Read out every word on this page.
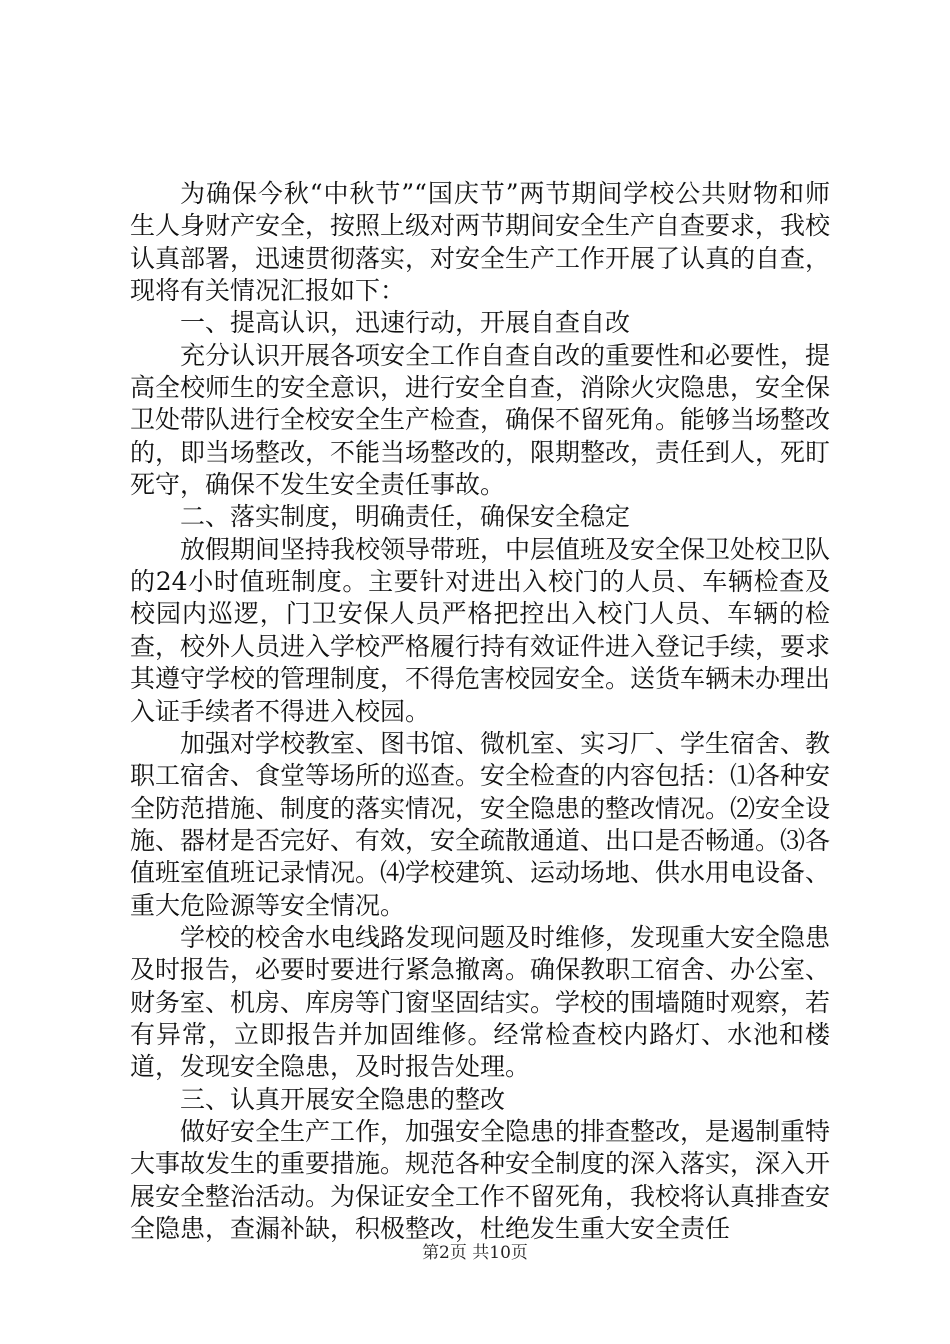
为确保今秋“中秋节”“国庆节”两节期间学校公共财物和师生人身财产安全，按照上级对两节期间安全生产自查要求，我校认真部署，迅速贯彻落实，对安全生产工作开展了认真的自查，现将有关情况汇报如下：

一、提高认识，迅速行动，开展自查自改

充分认识开展各项安全工作自查自改的重要性和必要性，提高全校师生的安全意识，进行安全自查，消除火灾隐患，安全保卫处带队进行全校安全生产检查，确保不留死角。能够当场整改的，即当场整改，不能当场整改的，限期整改，责任到人，死盯死守，确保不发生安全责任事故。

二、落实制度，明确责任，确保安全稳定

放假期间坚持我校领导带班，中层值班及安全保卫处校卫队的24小时值班制度。主要针对进出入校门的人员、车辆检查及校园内巡逻，门卫安保人员严格把控出入校门人员、车辆的检查，校外人员进入学校严格履行持有效证件进入登记手续，要求其遵守学校的管理制度，不得危害校园安全。送货车辆未办理出入证手续者不得进入校园。

加强对学校教室、图书馆、微机室、实习厂、学生宿舍、教职工宿舍、食堂等场所的巡查。安全检查的内容包括：⑴各种安全防范措施、制度的落实情况，安全隐患的整改情况。⑵安全设施、器材是否完好、有效，安全疏散通道、出口是否畅通。⑶各值班室值班记录情况。⑷学校建筑、运动场地、供水用电设备、重大危险源等安全情况。

学校的校舍水电线路发现问题及时维修，发现重大安全隐患及时报告，必要时要进行紧急撤离。确保教职工宿舍、办公室、财务室、机房、库房等门窗坚固结实。学校的围墙随时观察，若有异常，立即报告并加固维修。经常检查校内路灯、水池和楼道，发现安全隐患，及时报告处理。

三、认真开展安全隐患的整改

做好安全生产工作，加强安全隐患的排查整改，是遏制重特大事故发生的重要措施。规范各种安全制度的深入落实，深入开展安全整治活动。为保证安全工作不留死角，我校将认真排查安全隐患，查漏补缺，积极整改，杜绝发生重大安全责任

第2页 共10页
